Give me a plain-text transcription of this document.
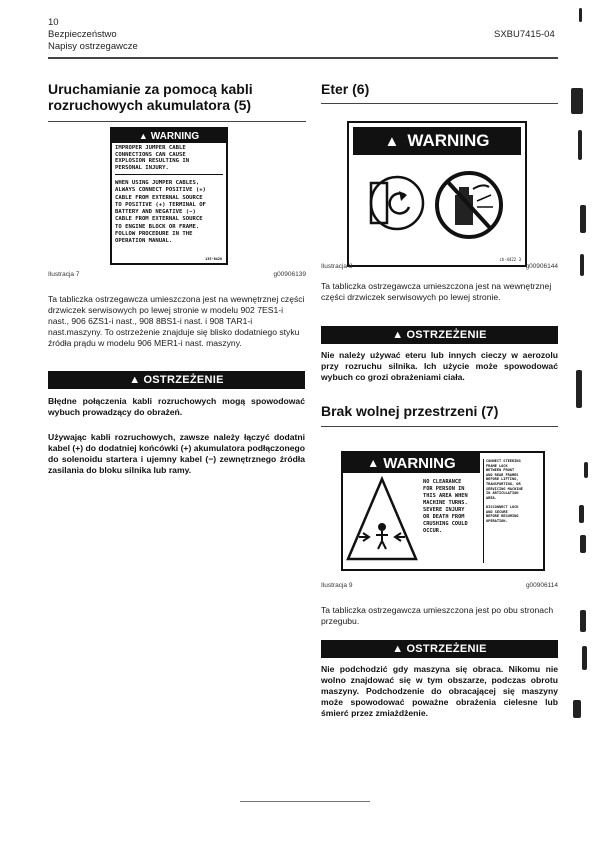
10
Bezpieczeństwo
Napisy ostrzegawcze
SXBU7415-04
Uruchamianie za pomocą kabli
rozruchowych akumulatora (5)
▲ WARNING
IMPROPER JUMPER CABLE
CONNECTIONS CAN CAUSE
EXPLOSION RESULTING IN
PERSONAL INJURY.
WHEN USING JUMPER CABLES,
ALWAYS CONNECT POSITIVE (+)
CABLE FROM EXTERNAL SOURCE
TO POSITIVE (+) TERMINAL OF
BATTERY AND NEGATIVE (−)
CABLE FROM EXTERNAL SOURCE
TO ENGINE BLOCK OR FRAME.
FOLLOW PROCEDURE IN THE
OPERATION MANUAL.
135-6426
Ilustracja 7	g00906139

Ta tabliczka ostrzegawcza umieszczona jest na wewnętrznej części drzwiczek serwisowych po lewej stronie w modelu 902 7ES1-i nast., 906 6ZS1-i nast., 908 8BS1-i nast. i 908 TAR1-i nast.maszyny. To ostrzeżenie znajduje się blisko dodatniego styku źródła prądu w modelu 906 MER1-i nast. maszyny.

▲ OSTRZEŻENIE

Błędne połączenia kabli rozruchowych mogą spowodować wybuch prowadzący do obrażeń.

Używając kabli rozruchowych, zawsze należy łączyć dodatni kabel (+) do dodatniej końcówki (+) akumulatora podłączonego do solenoidu startera i ujemny kabel (−) zewnętrznego źródła zasilania do bloku silnika lub ramy.

Eter (6)
▲ WARNING
ch-4422 3
Ilustracja 8	g00906144

Ta tabliczka ostrzegawcza umieszczona jest na wewnętrznej części drzwiczek serwisowych po lewej stronie.

▲ OSTRZEŻENIE

Nie należy używać eteru lub innych cieczy w aerozolu przy rozruchu silnika. Ich użycie może spowodować wybuch co grozi obrażeniami ciała.

Brak wolnej przestrzeni (7)
▲ WARNING
NO CLEARANCE
FOR PERSON IN
THIS AREA WHEN
MACHINE TURNS.
SEVERE INJURY
OR DEATH FROM
CRUSHING COULD
OCCUR.
CONNECT STEERING
FRAME LOCK
BETWEEN FRONT
AND REAR FRAMES
BEFORE LIFTING,
TRANSPORTING, OR
SERVICING MACHINE
IN ARTICULATION
AREA.

DISCONNECT LOCK
AND SECURE
BEFORE RESUMING
OPERATION.
Ilustracja 9	g00906114

Ta tabliczka ostrzegawcza umieszczona jest po obu stronach przegubu.

▲ OSTRZEŻENIE

Nie podchodzić gdy maszyna się obraca. Nikomu nie wolno znajdować się w tym obszarze, podczas obrotu maszyny. Podchodzenie do obracającej się maszyny może spowodować poważne obrażenia cielesne lub śmierć przez zmiażdżenie.
